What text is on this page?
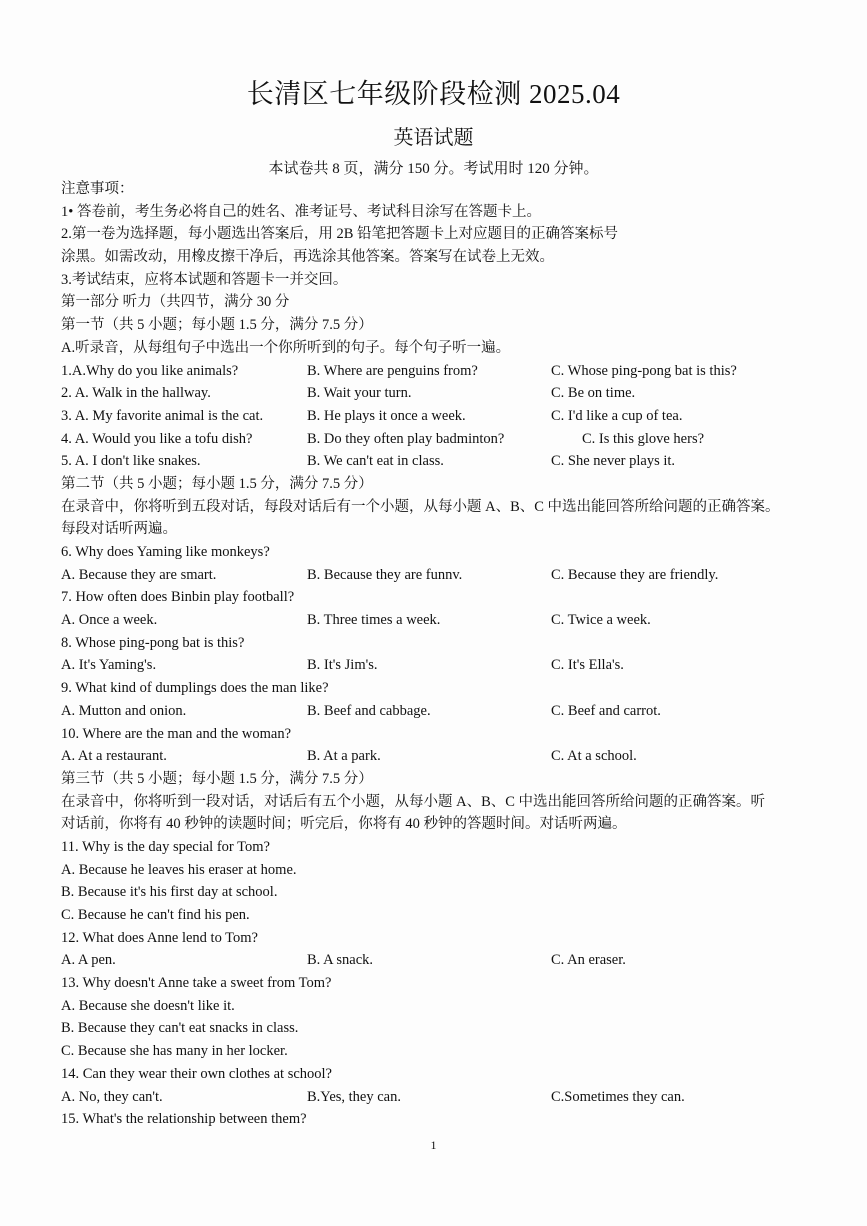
长清区七年级阶段检测 2025.04
英语试题
本试卷共 8 页，满分 150 分。考试用时 120 分钟。
注意事项：
1• 答卷前，考生务必将自己的姓名、准考证号、考试科目涂写在答题卡上。
2.第一卷为选择题，每小题选出答案后，用 2B 铅笔把答题卡上对应题目的正确答案标号
涂黑。如需改动，用橡皮擦干净后，再选涂其他答案。答案写在试卷上无效。
3.考试结束，应将本试题和答题卡一并交回。
第一部分 听力（共四节，满分 30 分
第一节（共 5 小题；每小题 1.5 分，满分 7.5 分）
A.听录音，从每组句子中选出一个你所听到的句子。每个句子听一遍。
1.A.Why do you like animals?	B. Where are penguins from?	C. Whose ping-pong bat is this?
2. A. Walk in the hallway.	B. Wait your turn.	C. Be on time.
3. A. My favorite animal is the cat.	B. He plays it once a week.	C. I'd like a cup of tea.
4. A. Would you like a tofu dish?	B. Do they often play badminton?	C. Is this glove hers?
5. A. I don't like snakes.	B. We can't eat in class.	C. She never plays it.
第二节（共 5 小题；每小题 1.5 分，满分 7.5 分）
在录音中，你将听到五段对话，每段对话后有一个小题，从每小题 A、B、C 中选出能回答所给问题的正确答案。
每段对话听两遍。
6. Why does Yaming like monkeys?
A. Because they are smart.	B. Because they are funnv.	C. Because they are friendly.
7. How often does Binbin play football?
A. Once a week.	B. Three times a week.	C. Twice a week.
8. Whose ping-pong bat is this?
A. It's Yaming's.	B. It's Jim's.	C. It's Ella's.
9. What kind of dumplings does the man like?
A. Mutton and onion.	B. Beef and cabbage.	C. Beef and carrot.
10. Where are the man and the woman?
A. At a restaurant.	B. At a park.	C. At a school.
第三节（共 5 小题；每小题 1.5 分，满分 7.5 分）
在录音中，你将听到一段对话，对话后有五个小题，从每小题 A、B、C 中选出能回答所给问题的正确答案。听
对话前，你将有 40 秒钟的读题时间；听完后，你将有 40 秒钟的答题时间。对话听两遍。
11. Why is the day special for Tom?
A. Because he leaves his eraser at home.
B. Because it's his first day at school.
C. Because he can't find his pen.
12. What does Anne lend to Tom?
A. A pen.	B. A snack.	C. An eraser.
13. Why doesn't Anne take a sweet from Tom?
A. Because she doesn't like it.
B. Because they can't eat snacks in class.
C. Because she has many in her locker.
14. Can they wear their own clothes at school?
A. No, they can't.	B.Yes, they can.	C.Sometimes they can.
15. What's the relationship between them?
1
